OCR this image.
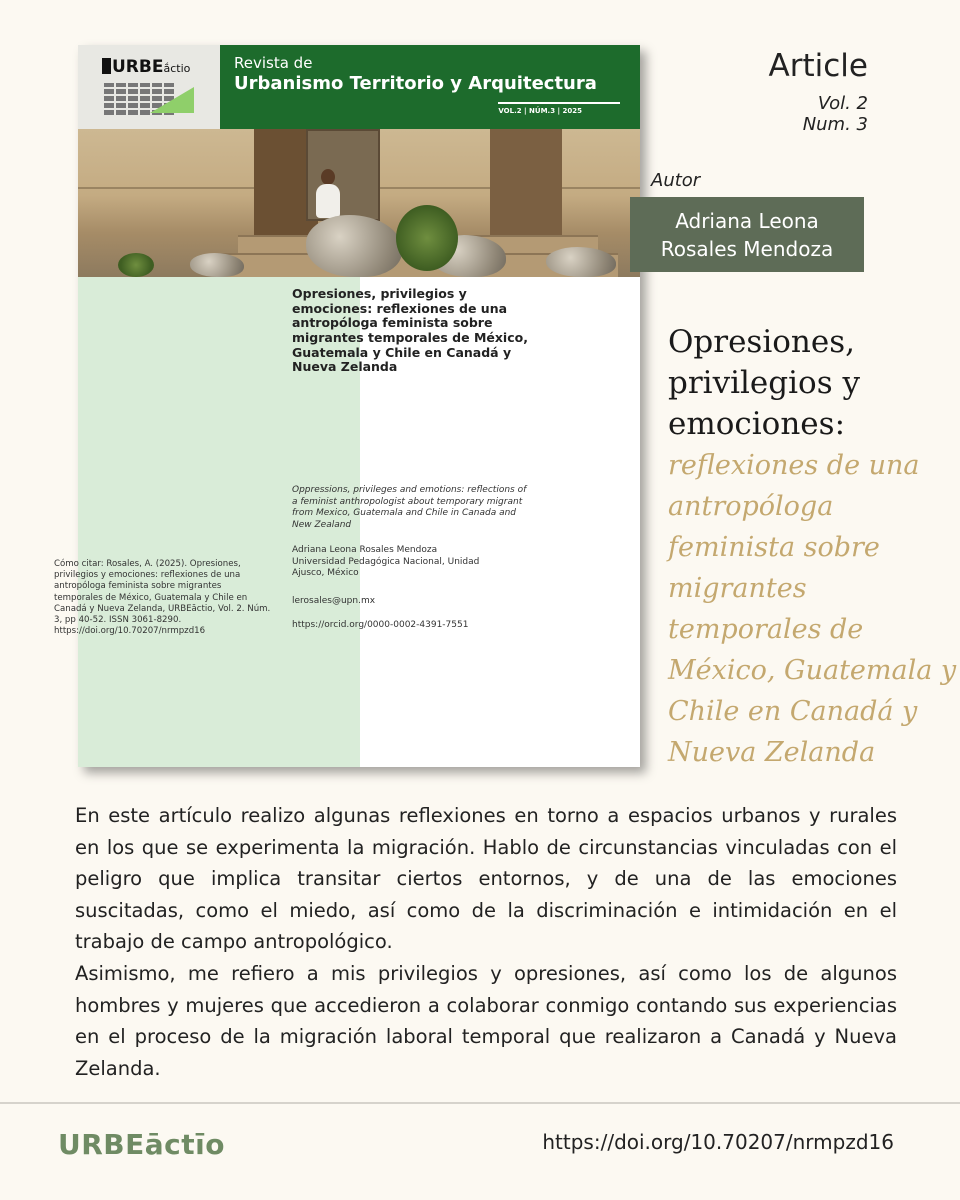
URBEắctio	Revista de
Urbanismo Territorio y Arquitectura
VOL.2 | NÚM.3 | 2025
Opresiones, privilegios y emociones: reflexiones de una antropóloga feminista sobre migrantes temporales de México, Guatemala y Chile en Canadá y Nueva Zelanda
Oppressions, privileges and emotions: reflections of a feminist anthropologist about temporary migrant from Mexico, Guatemala and Chile in Canada and New Zealand
Adriana Leona Rosales Mendoza
Universidad Pedagógica Nacional, Unidad Ajusco, México
lerosales@upn.mx
https://orcid.org/0000-0002-4391-7551
Cómo citar: Rosales, A. (2025). Opresiones, privilegios y emociones: reflexiones de una antropóloga feminista sobre migrantes temporales de México, Guatemala y Chile en Canadá y Nueva Zelanda, URBEăctio, Vol. 2. Núm. 3, pp 40-52. ISSN 3061-8290. https://doi.org/10.70207/nrmpzd16
Article
Vol. 2
Num. 3
Autor
Adriana Leona
Rosales Mendoza
Opresiones, privilegios y emociones:
reflexiones de una antropóloga feminista sobre migrantes temporales de México, Guatemala y Chile en Canadá y Nueva Zelanda

En este artículo realizo algunas reflexiones en torno a espacios urbanos y rurales en los que se experimenta la migración. Hablo de circunstancias vinculadas con el peligro que implica transitar ciertos entornos, y de una de las emociones suscitadas, como el miedo, así como de la discriminación e intimidación en el trabajo de campo antropológico.

Asimismo, me refiero a mis privilegios y opresiones, así como los de algunos hombres y mujeres que accedieron a colaborar conmigo contando sus experiencias en el proceso de la migración laboral temporal que realizaron a Canadá y Nueva Zelanda.

URBEāctīo	https://doi.org/10.70207/nrmpzd16
